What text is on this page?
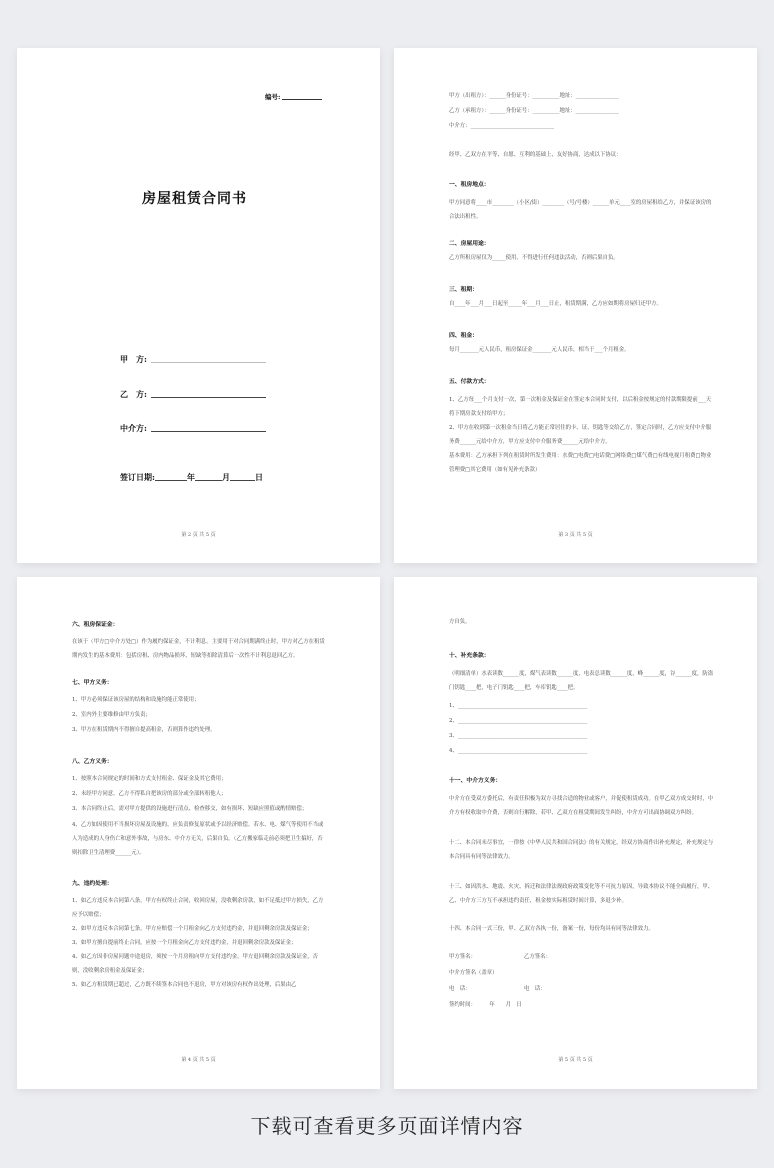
编号:
房屋租赁合同书
甲　方:
乙　方:
中介方:
签订日期:	年	月	日
第 2 页 共 5 页

甲方（出租方）：______身份证号：__________地址：________________
乙方（承租方）：______身份证号：__________地址：________________
中介方：_______________________________
经甲、乙双方在平等、自愿、互利的基础上，友好协商，达成以下协议：
一、租房地点：
甲方同意将____市________（小区/街）________（号/号楼）______单元____室的房屋租给乙方，并保证该房的合法出租性。
二、房屋用途：
乙方所租房屋仅为_____使用，不得进行任何违法活动，否则后果自负。
三、租期：
自____年___月___日起至_____年___月___日止，租赁期满，乙方应如期将房屋归还甲方。
四、租金：
每月_______元人民币，租房保证金_______元人民币，相当于___个月租金。
五、付款方式：
1、乙方每___个月支付一次，第一次租金及保证金在签定本合同时支付，以后租金按规定的付款期限提前___天将下期房款支付给甲方；
2、甲方在收到第一次租金当日将乙方能正常居住的卡、证、钥匙等交给乙方，签定合同时，乙方应支付中介服务费______元给中介方，甲方应支付中介服务费______元给中介方。
基本费用：乙方承担下列在租赁时所发生费用：水费□电费□电话费□网络费□煤气费□有线电视月租费□物业管理费□其它费用（如有见补充条款）
第 3 页 共 5 页
六、租房保证金：
在该于（甲方□中介方处□）作为履约保证金，不计利息。主要用于对合同期满终止时，甲方对乙方在租赁期内发生的基本费用：包括房租、房内物品损坏、短缺等扣除清算后一次性不计利息退回乙方。
七、甲方义务：
1、甲方必须保证该房屋的结构和设施均能正常使用；
2、室内外主要维修由甲方负责；
3、甲方在租赁期内不得擅自提高租金，否则算作违约处理。
八、乙方义务：
1、按照本合同规定的时间和方式支付租金、保证金及其它费用；
2、未经甲方同意，乙方不得私自把该房的部分或全部转租他人；
3、本合同终止后，需对甲方提供的设施进行清点、检查移交，如有损坏、短缺应照值或酌情赔偿；
4、乙方如因使用不当损坏房屋及设施的，应负责修复原状或予以经济赔偿。若水、电、煤气等使用不当或人为造成的人身伤亡和意外事故，与房东、中介方无关，后果自负。（乙方搬家临走前必须把卫生搞好，否则扣除卫生清理费______元）。
九、违约处理：
1、如乙方违反本合同第八条，甲方有权终止合同，收回房屋，没收剩余房款，如不足抵过甲方损失，乙方应予以赔偿；
2、如甲方违反本合同第七条，甲方应赔偿一个月租金向乙方支付违约金，并退回剩余房款及保证金；
3、如甲方擅自提前终止合同，应按一个月租金向乙方支付违约金，并退回剩余房款及保证金；
4、如乙方因非房屋问题中途退房，须按一个月房租向甲方支付违约金，甲方退回剩余房款及保证金，否则，没收剩余房租金及保证金；
5、如乙方租赁期已超过，乙方既不续签本合同也不退房，甲方对该房有权作出处理，后果由乙
第 4 页 共 5 页
方自负。
十、补充条款：
（明细清单）水表读数______度，煤气表读数______度，电表总读数______度，峰______度，谷______度，防盗门钥匙____把，电子门钥匙____把，车库钥匙____把。
1、________________________________________________
2、________________________________________________
3、________________________________________________
4、________________________________________________
十一、中介方义务：
中介方在受双方委托后，有责任积极为双方寻找合适的物业或客户，并促使租赁成功。在甲乙双方成交时时，中介方有权收取中介费，否则自行解除，若甲、乙双方在租赁期间发生纠纷，中介方可出面协调双方纠纷。
十二、本合同未尽事宜，一律按《中华人民共和国合同法》的有关规定，经双方协商作出补充规定，补充规定与本合同具有同等法律效力。
十三、如因洪水、地震、火灾、拆迁和法律法规政府政策变化等不可抗力原因，导致本协议不能全面履行，甲、乙、中介方三方互不承担违约责任，租金按实际租赁时间计算，多退少补。
十四、本合同一式三份，甲、乙双方各执一份，备案一份，每份均具有同等法律效力。
甲方签名：	乙方签名：
中介方签名（盖章）
电　话：	电　话：
签约时间：　　　年　　月　日
第 5 页 共 5 页
下载可查看更多页面详情内容
